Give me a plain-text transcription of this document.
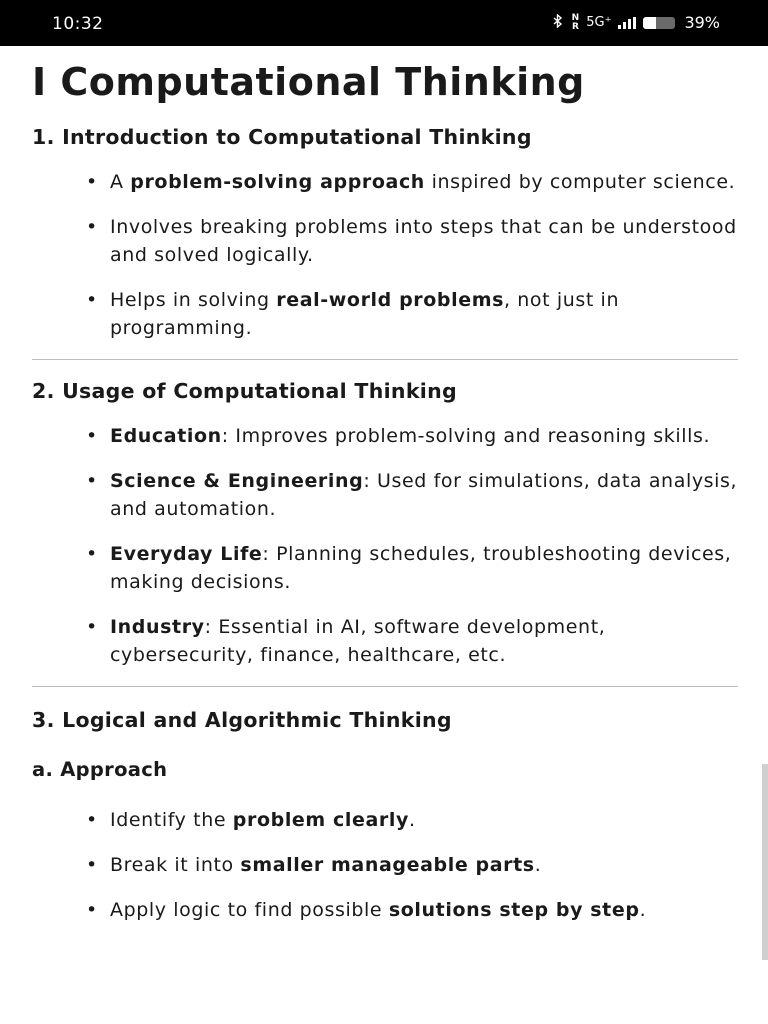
10:32	N
R 5G⁺	39%
I Computational Thinking
1. Introduction to Computational Thinking
• A problem-solving approach inspired by computer science.
• Involves breaking problems into steps that can be understood and solved logically.
• Helps in solving real-world problems, not just in programming.
2. Usage of Computational Thinking
• Education: Improves problem-solving and reasoning skills.
• Science & Engineering: Used for simulations, data analysis, and automation.
• Everyday Life: Planning schedules, troubleshooting devices, making decisions.
• Industry: Essential in AI, software development, cybersecurity, finance, healthcare, etc.
3. Logical and Algorithmic Thinking
a. Approach
• Identify the problem clearly.
• Break it into smaller manageable parts.
• Apply logic to find possible solutions step by step.
